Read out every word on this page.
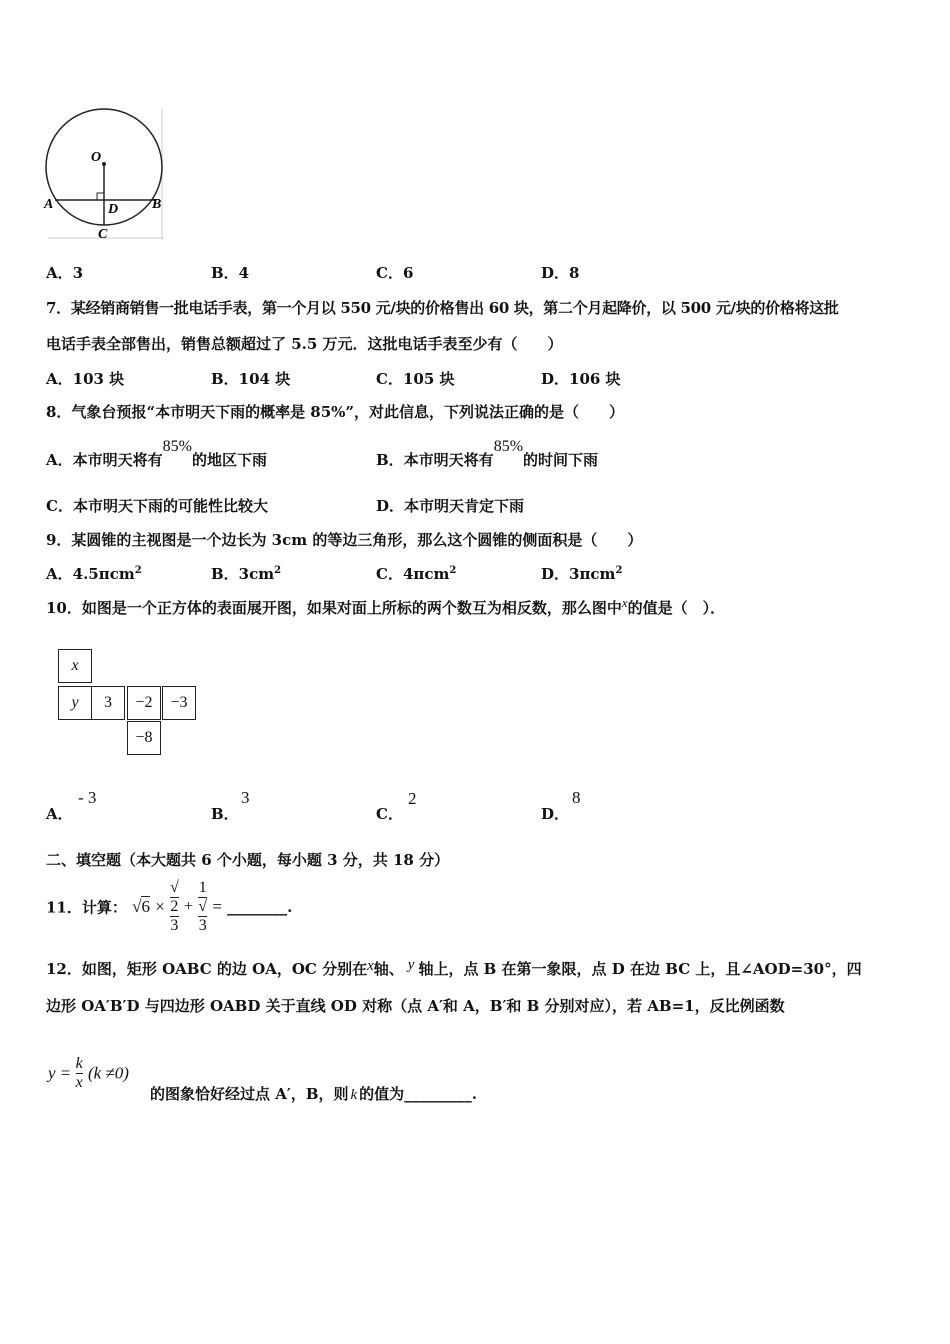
O
A	B
D
C
A．3	B．4	C．6	D．8
7．某经销商销售一批电话手表，第一个月以 550 元/块的价格售出 60 块，第二个月起降价，以 500 元/块的价格将这批
电话手表全部售出，销售总额超过了 5.5 万元．这批电话手表至少有（　　）
A．103 块	B．104 块	C．105 块	D．106 块
8．气象台预报“本市明天下雨的概率是 85%”，对此信息，下列说法正确的是（　　）
A．本市明天将有85%的地区下雨	B．本市明天将有85%的时间下雨
C．本市明天下雨的可能性比较大	D．本市明天肯定下雨
9．某圆锥的主视图是一个边长为 3cm 的等边三角形，那么这个圆锥的侧面积是（　　）
A．4.5πcm$^2$	B．$3cm^2$	C．4πcm$^2$	D．3πcm$^2$
10．如图是一个正方体的表面展开图，如果对面上所标的两个数互为相反数，那么图中x的值是（　）．
x
y	3	−2	−3
−8
A．
- 3
B．
3
C．
2
D．
8
二、填空题（本大题共 6 个小题，每小题 3 分，共 18 分）
11．计算： √6 × √
2
3 + 1
√
3 = ________.
12．如图，矩形 OABC 的边 OA，OC 分别在x轴、 y 轴上，点 B 在第一象限，点 D 在边 BC 上，且∠AOD=30°，四
边形 OA′B′D 与四边形 OABD 关于直线 OD 对称（点 A′和 A，B′和 B 分别对应），若 AB=1，反比例函数
$y = \frac{k}{x} (k \ne 0)$
的图象恰好经过点 A′，B，则 k 的值为_________.
